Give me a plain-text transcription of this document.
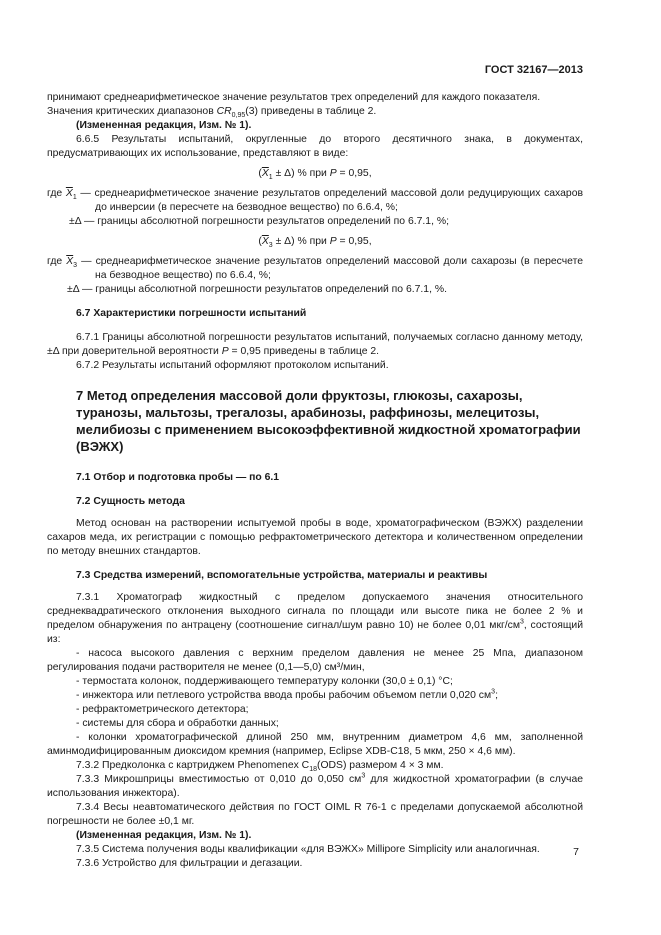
ГОСТ 32167—2013

принимают среднеарифметическое значение результатов трех определений для каждого показателя.

Значения критических диапазонов $CR_{0,95}(3)$ приведены в таблице 2.

(Измененная редакция, Изм. № 1).

6.6.5 Результаты испытаний, округленные до второго десятичного знака, в документах, предусматривающих их использование, представляют в виде:

$(\overline{X}_1 \pm \Delta)$ % при P = 0,95,

где $\overline{X}_1$ — среднеарифметическое значение результатов определений массовой доли редуцирующих сахаров до инверсии (в пересчете на безводное вещество) по 6.6.4, %;

±Δ — границы абсолютной погрешности результатов определений по 6.7.1, %;

$(\overline{X}_3 \pm \Delta)$ % при P = 0,95,

где $\overline{X}_3$ — среднеарифметическое значение результатов определений массовой доли сахарозы (в пересчете на безводное вещество) по 6.6.4, %;

±Δ — границы абсолютной погрешности результатов определений по 6.7.1, %.

6.7 Характеристики погрешности испытаний

6.7.1 Границы абсолютной погрешности результатов испытаний, получаемых согласно данному методу, ±Δ при доверительной вероятности P = 0,95 приведены в таблице 2.

6.7.2 Результаты испытаний оформляют протоколом испытаний.

7 Метод определения массовой доли фруктозы, глюкозы, сахарозы, туранозы, мальтозы, трегалозы, арабинозы, раффинозы, мелецитозы, мелибиозы с применением высокоэффективной жидкостной хроматографии (ВЭЖХ)

7.1 Отбор и подготовка пробы — по 6.1

7.2 Сущность метода

Метод основан на растворении испытуемой пробы в воде, хроматографическом (ВЭЖХ) разделении сахаров меда, их регистрации с помощью рефрактометрического детектора и количественном определении по методу внешних стандартов.

7.3 Средства измерений, вспомогательные устройства, материалы и реактивы

7.3.1 Хроматограф жидкостный с пределом допускаемого значения относительного среднеквадратического отклонения выходного сигнала по площади или высоте пика не более 2 % и пределом обнаружения по антрацену (соотношение сигнал/шум равно 10) не более 0,01 мкг/$см^3$, состоящий из:

- насоса высокого давления с верхним пределом давления не менее 25 Мпа, диапазоном регулирования подачи растворителя не менее (0,1—5,0) см³/мин,

- термостата колонок, поддерживающего температуру колонки (30,0 ± 0,1) °С;

- инжектора или петлевого устройства ввода пробы рабочим объемом петли 0,020 $см^3$;

- рефрактометрического детектора;

- системы для сбора и обработки данных;

- колонки хроматографической длиной 250 мм, внутренним диаметром 4,6 мм, заполненной аминмодифицированным диоксидом кремния (например, Eclipse XDB-C18, 5 мкм, 250 × 4,6 мм).

7.3.2 Предколонка с картриджем Phenomenex $C_{18}(ODS)$ размером 4 × 3 мм.

7.3.3 Микрошприцы вместимостью от 0,010 до 0,050 $см^3$ для жидкостной хроматографии (в случае использования инжектора).

7.3.4 Весы неавтоматического действия по ГОСТ OIML R 76-1 с пределами допускаемой абсолютной погрешности не более ±0,1 мг.

(Измененная редакция, Изм. № 1).

7.3.5 Система получения воды квалификации «для ВЭЖХ» Millipore Simplicity или аналогичная.

7.3.6 Устройство для фильтрации и дегазации.

7
